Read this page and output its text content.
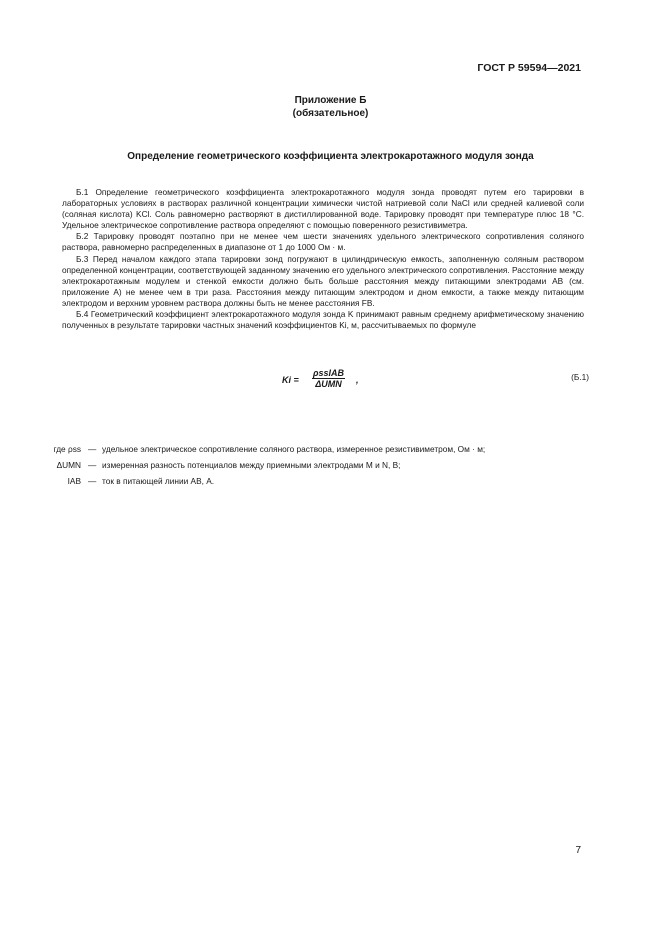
ГОСТ Р 59594—2021
Приложение Б
(обязательное)
Определение геометрического коэффициента электрокаротажного модуля зонда

Б.1 Определение геометрического коэффициента электрокаротажного модуля зонда проводят путем его тарировки в лабораторных условиях в растворах различной концентрации химически чистой натриевой соли NaCl или средней калиевой соли (соляная кислота) KCl. Соль равномерно растворяют в дистиллированной воде. Тарировку проводят при температуре плюс 18 °С. Удельное электрическое сопротивление раствора определяют с помощью поверенного резистивиметра.

Б.2 Тарировку проводят поэтапно при не менее чем шести значениях удельного электрического сопротивления соляного раствора, равномерно распределенных в диапазоне от 1 до 1000 Ом · м.

Б.3 Перед началом каждого этапа тарировки зонд погружают в цилиндрическую емкость, заполненную соляным раствором определенной концентрации, соответствующей заданному значению его удельного электрического сопротивления. Расстояние между электрокаротажным модулем и стенкой емкости должно быть больше расстояния между питающими электродами AB (см. приложение А) не менее чем в три раза. Расстояния между питающим электродом и дном емкости, а также между питающим электродом и верхним уровнем раствора должны быть не менее расстояния FB.

Б.4 Геометрический коэффициент электрокаротажного модуля зонда K принимают равным среднему арифметическому значению полученных в результате тарировки частных значений коэффициентов Ki, м, рассчитываемых по формуле

Ki =
ρssIAB
ΔUMN	,	(Б.1)
где ρss — удельное электрическое сопротивление соляного раствора, измеренное резистивиметром, Ом · м;
ΔUMN — измеренная разность потенциалов между приемными электродами M и N, В;
IAB — ток в питающей линии AB, А.
7
